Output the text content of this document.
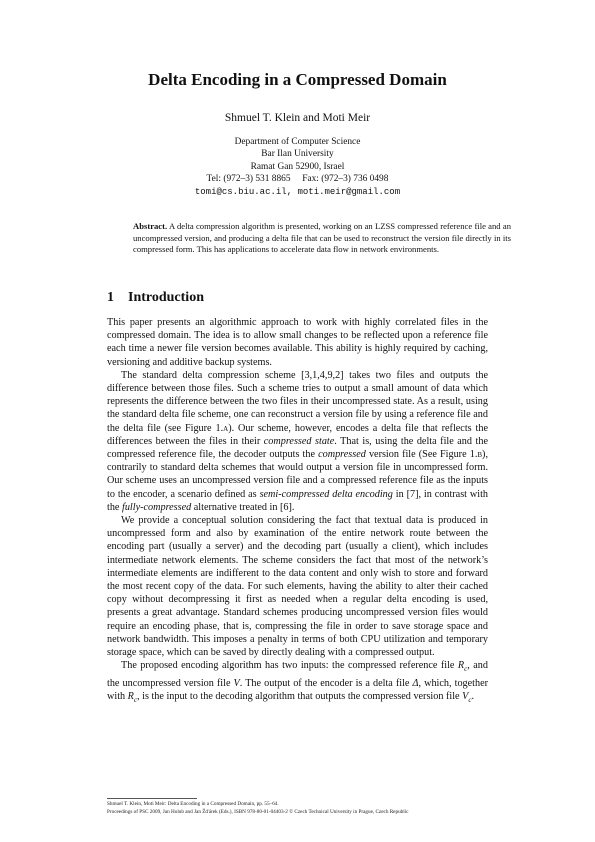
Delta Encoding in a Compressed Domain
Shmuel T. Klein and Moti Meir
Department of Computer Science
Bar Ilan University
Ramat Gan 52900, Israel
Tel: (972–3) 531 8865     Fax: (972–3) 736 0498
tomi@cs.biu.ac.il, moti.meir@gmail.com
Abstract. A delta compression algorithm is presented, working on an LZSS compressed reference file and an uncompressed version, and producing a delta file that can be used to reconstruct the version file directly in its compressed form. This has applications to accelerate data flow in network environments.
1 Introduction

This paper presents an algorithmic approach to work with highly correlated files in the compressed domain. The idea is to allow small changes to be reflected upon a reference file each time a newer file version becomes available. This ability is highly required by caching, versioning and additive backup systems.

The standard delta compression scheme [3,1,4,9,2] takes two files and outputs the difference between those files. Such a scheme tries to output a small amount of data which represents the difference between the two files in their uncompressed state. As a result, using the standard delta file scheme, one can reconstruct a version file by using a reference file and the delta file (see Figure 1.a). Our scheme, however, encodes a delta file that reflects the differences between the files in their compressed state. That is, using the delta file and the compressed reference file, the decoder outputs the compressed version file (See Figure 1.b), contrarily to standard delta schemes that would output a version file in uncompressed form. Our scheme uses an uncompressed version file and a compressed reference file as the inputs to the encoder, a scenario defined as semi-compressed delta encoding in [7], in contrast with the fully-compressed alternative treated in [6].

We provide a conceptual solution considering the fact that textual data is produced in uncompressed form and also by examination of the entire network route between the encoding part (usually a server) and the decoding part (usually a client), which includes intermediate network elements. The scheme considers the fact that most of the network’s intermediate elements are indifferent to the data content and only wish to store and forward the most recent copy of the data. For such elements, having the ability to alter their cached copy without decompressing it first as needed when a regular delta encoding is used, presents a great advantage. Standard schemes producing uncompressed version files would require an encoding phase, that is, compressing the file in order to save storage space and network bandwidth. This imposes a penalty in terms of both CPU utilization and temporary storage space, which can be saved by directly dealing with a compressed output.

The proposed encoding algorithm has two inputs: the compressed reference file $R_c$, and the uncompressed version file V. The output of the encoder is a delta file Δ, which, together with $R_c$, is the input to the decoding algorithm that outputs the compressed version file $V_c$.

Shmuel T. Klein, Moti Meir: Delta Encoding in a Compressed Domain, pp. 55–64.
Proceedings of PSC 2009, Jan Holub and Jan Žďárek (Eds.), ISBN 978-80-01-04403-2 © Czech Technical University in Prague, Czech Republic
